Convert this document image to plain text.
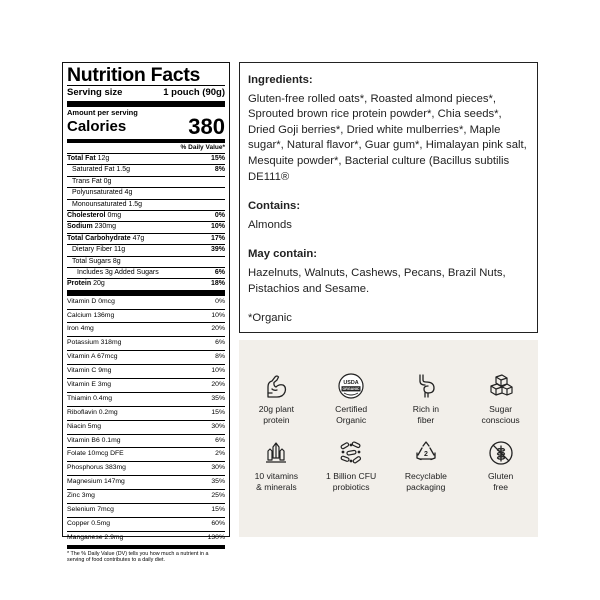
Nutrition Facts
Serving size	1 pouch (90g)
Amount per serving
Calories	380
% Daily Value*
Total Fat 12g	15%
Saturated Fat 1.5g	8%
Trans Fat 0g
Polyunsaturated 4g
Monounsaturated 1.5g
Cholesterol 0mg	0%
Sodium 230mg	10%
Total Carbohydrate 47g	17%
Dietary Fiber 11g	39%
Total Sugars 8g
Includes 3g Added Sugars	6%
Protein 20g	18%
Vitamin D 0mcg	0%
Calcium 136mg	10%
Iron 4mg	20%
Potassium 318mg	6%
Vitamin A 67mcg	8%
Vitamin C 9mg	10%
Vitamin E 3mg	20%
Thiamin 0.4mg	35%
Riboflavin 0.2mg	15%
Niacin 5mg	30%
Vitamin B6 0.1mg	6%
Folate 10mcg DFE	2%
Phosphorus 383mg	30%
Magnesium 147mg	35%
Zinc 3mg	25%
Selenium 7mcg	15%
Copper 0.5mg	60%
Manganese 2.9mg	130%
* The % Daily Value (DV) tells you how much a nutrient in a serving of food contributes to a daily diet.
Ingredients:

Gluten-free rolled oats*, Roasted almond pieces*, Sprouted brown rice protein powder*, Chia seeds*, Dried Goji berries*, Dried white mulberries*, Maple sugar*, Natural flavor*, Guar gum*, Himalayan pink salt, Mesquite powder*, Bacterial culture (Bacillus subtilis DE111®

Contains:

Almonds

May contain:

Hazelnuts, Walnuts, Cashews, Pecans, Brazil Nuts, Pistachios and Sesame.

*Organic

20g plant
protein
USDA
ORGANIC
Certified
Organic
Rich in
fiber
Sugar
conscious
10 vitamins
& minerals
1 Billion CFU
probiotics
2
Recyclable
packaging
Gluten
free
